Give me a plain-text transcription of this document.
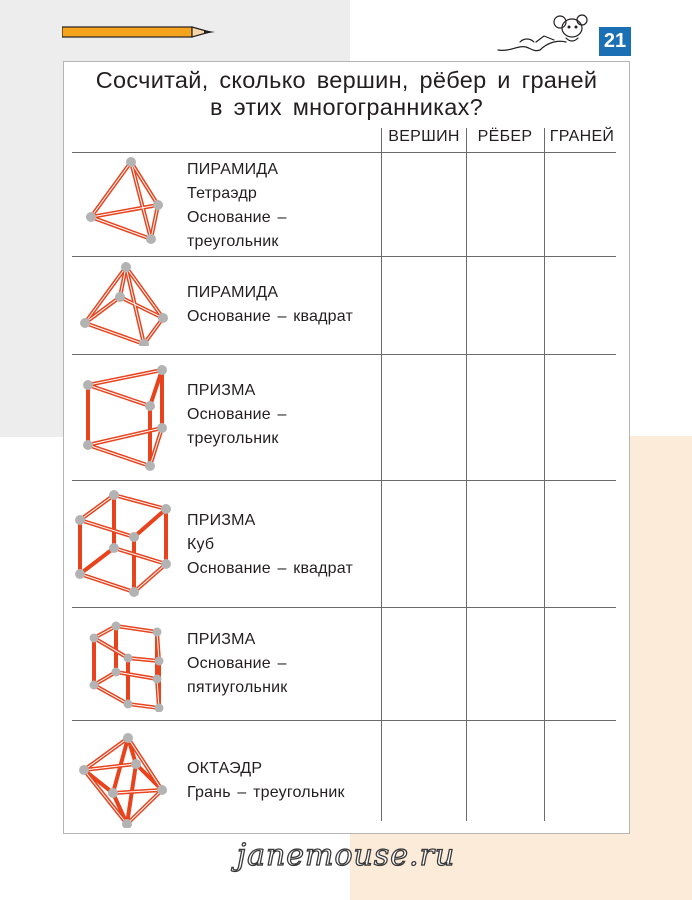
21
Сосчитай, сколько вершин, рёбер и граней
в этих многогранниках?
ВЕРШИН	РЁБЕР	ГРАНЕЙ
ПИРАМИДА
Тетраэдр
Основание –
треугольник
ПИРАМИДА
Основание – квадрат
ПРИЗМА
Основание –
треугольник
ПРИЗМА
Куб
Основание – квадрат
ПРИЗМА
Основание –
пятиугольник
ОКТАЭДР
Грань – треугольник
janemouse.ru
